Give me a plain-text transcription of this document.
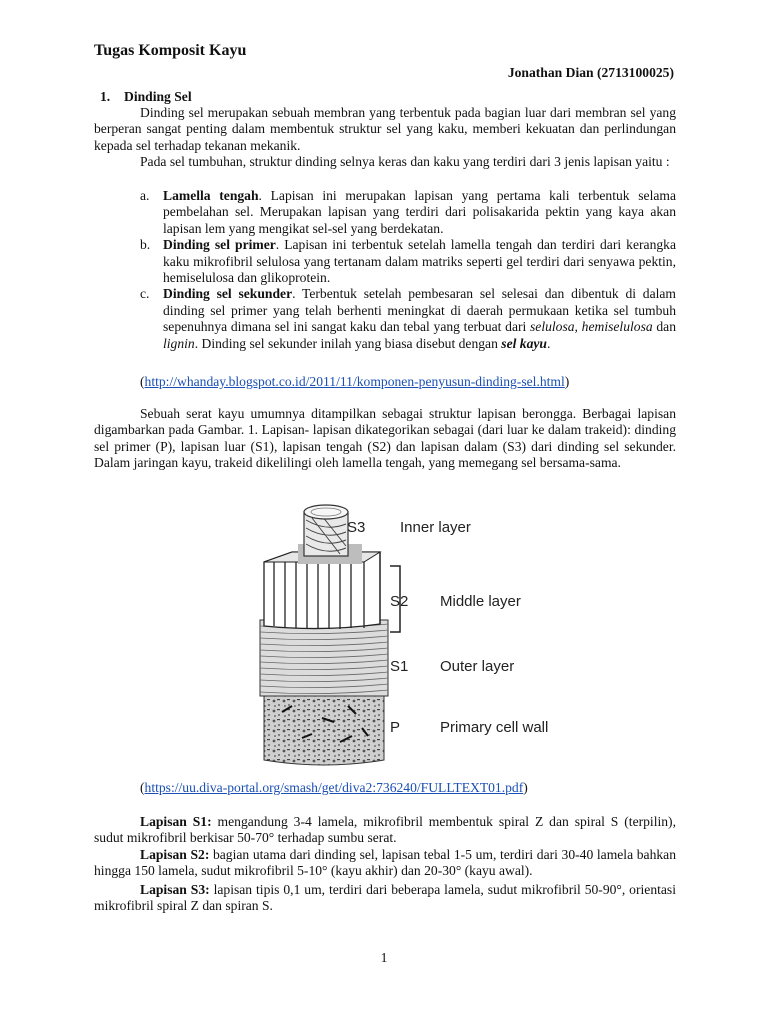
Tugas Komposit Kayu
Jonathan Dian (2713100025)
1. Dinding Sel

Dinding sel merupakan sebuah membran yang terbentuk pada bagian luar dari membran sel yang berperan sangat penting dalam membentuk struktur sel yang kaku, memberi kekuatan dan perlindungan kepada sel terhadap tekanan mekanik.

Pada sel tumbuhan, struktur dinding selnya keras dan kaku yang terdiri dari 3 jenis lapisan yaitu :

a. Lamella tengah. Lapisan ini merupakan lapisan yang pertama kali terbentuk selama pembelahan sel. Merupakan lapisan yang terdiri dari polisakarida pektin yang kaya akan lapisan lem yang mengikat sel-sel yang berdekatan.
b. Dinding sel primer. Lapisan ini terbentuk setelah lamella tengah dan terdiri dari kerangka kaku mikrofibril selulosa yang tertanam dalam matriks seperti gel terdiri dari senyawa pektin, hemiselulosa dan glikoprotein.
c. Dinding sel sekunder. Terbentuk setelah pembesaran sel selesai dan dibentuk di dalam dinding sel primer yang telah berhenti meningkat di daerah permukaan ketika sel tumbuh sepenuhnya dimana sel ini sangat kaku dan tebal yang terbuat dari selulosa, hemiselulosa dan lignin. Dinding sel sekunder inilah yang biasa disebut dengan sel kayu.
(http://whanday.blogspot.co.id/2011/11/komponen-penyusun-dinding-sel.html)

Sebuah serat kayu umumnya ditampilkan sebagai struktur lapisan berongga. Berbagai lapisan digambarkan pada Gambar. 1. Lapisan- lapisan dikategorikan sebagai (dari luar ke dalam trakeid): dinding sel primer (P), lapisan luar (S1), lapisan tengah (S2) dan lapisan dalam (S3) dari dinding sel sekunder. Dalam jaringan kayu, trakeid dikelilingi oleh lamella tengah, yang memegang sel bersama-sama.

S3 Inner layer
S2 Middle layer
S1 Outer layer
P	Primary cell wall
(https://uu.diva-portal.org/smash/get/diva2:736240/FULLTEXT01.pdf)

Lapisan S1: mengandung 3-4 lamela, mikrofibril membentuk spiral Z dan spiral S (terpilin), sudut mikrofibril berkisar 50-70° terhadap sumbu serat.

Lapisan S2: bagian utama dari dinding sel, lapisan tebal 1-5 um, terdiri dari 30-40 lamela bahkan hingga 150 lamela, sudut mikrofibril 5-10° (kayu akhir) dan 20-30° (kayu awal).

Lapisan S3: lapisan tipis 0,1 um, terdiri dari beberapa lamela, sudut mikrofibril 50-90°, orientasi mikrofibril spiral Z dan spiran S.

1
